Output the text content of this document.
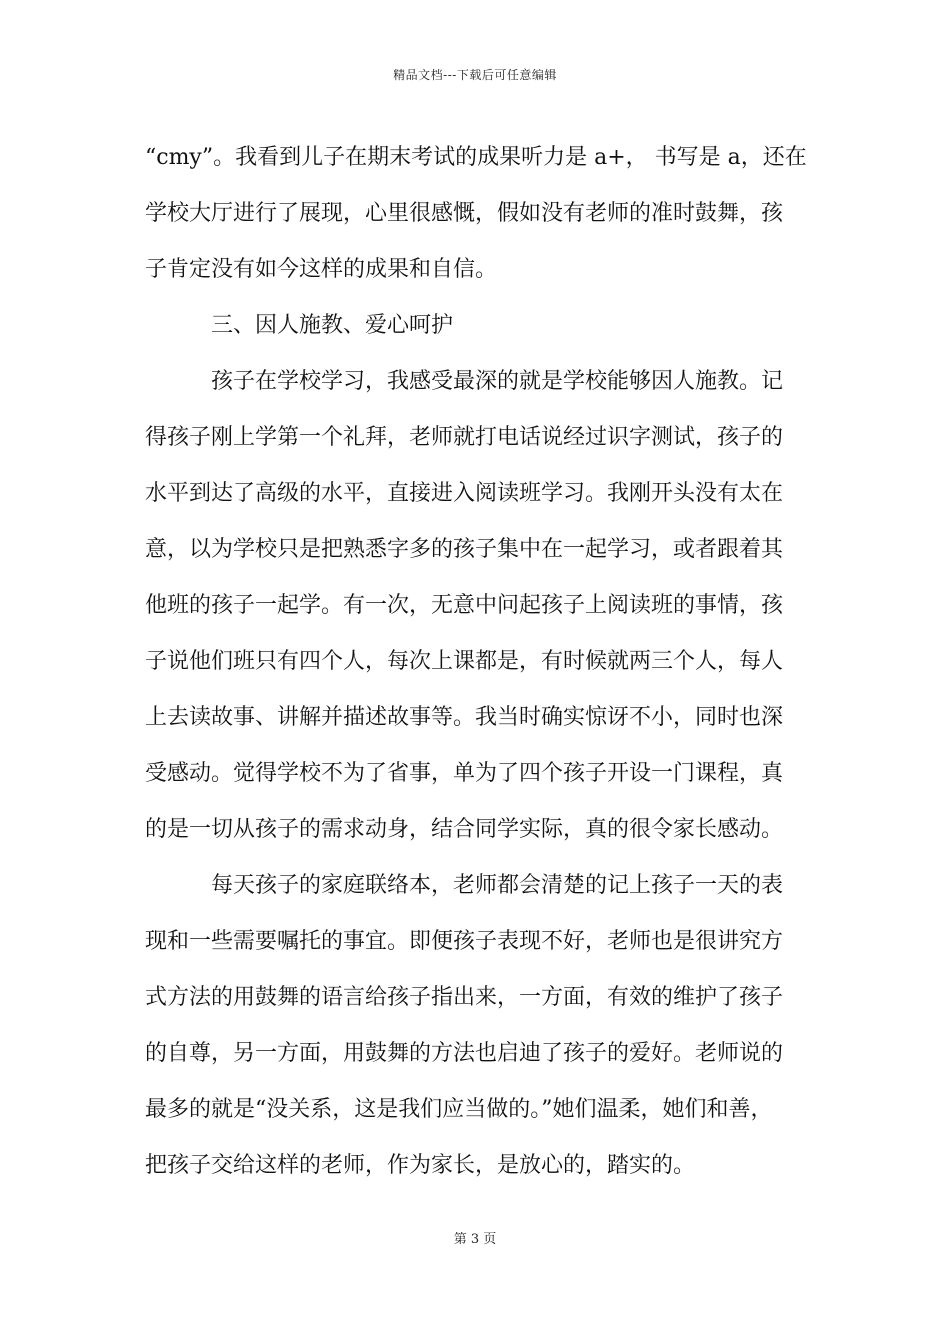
精品文档---下载后可任意编辑
“cmy”。我看到儿子在期末考试的成果听力是 a+， 书写是 a，还在
学校大厅进行了展现，心里很感慨，假如没有老师的准时鼓舞，孩
子肯定没有如今这样的成果和自信。
三、因人施教、爱心呵护
孩子在学校学习，我感受最深的就是学校能够因人施教。记
得孩子刚上学第一个礼拜，老师就打电话说经过识字测试，孩子的
水平到达了高级的水平，直接进入阅读班学习。我刚开头没有太在
意，以为学校只是把熟悉字多的孩子集中在一起学习，或者跟着其
他班的孩子一起学。有一次，无意中问起孩子上阅读班的事情，孩
子说他们班只有四个人，每次上课都是，有时候就两三个人，每人
上去读故事、讲解并描述故事等。我当时确实惊讶不小，同时也深
受感动。觉得学校不为了省事，单为了四个孩子开设一门课程，真
的是一切从孩子的需求动身，结合同学实际，真的很令家长感动。
每天孩子的家庭联络本，老师都会清楚的记上孩子一天的表
现和一些需要嘱托的事宜。即便孩子表现不好，老师也是很讲究方
式方法的用鼓舞的语言给孩子指出来，一方面，有效的维护了孩子
的自尊，另一方面，用鼓舞的方法也启迪了孩子的爱好。老师说的
最多的就是“没关系，这是我们应当做的。”她们温柔，她们和善，
把孩子交给这样的老师，作为家长，是放心的，踏实的。
第 3 页
